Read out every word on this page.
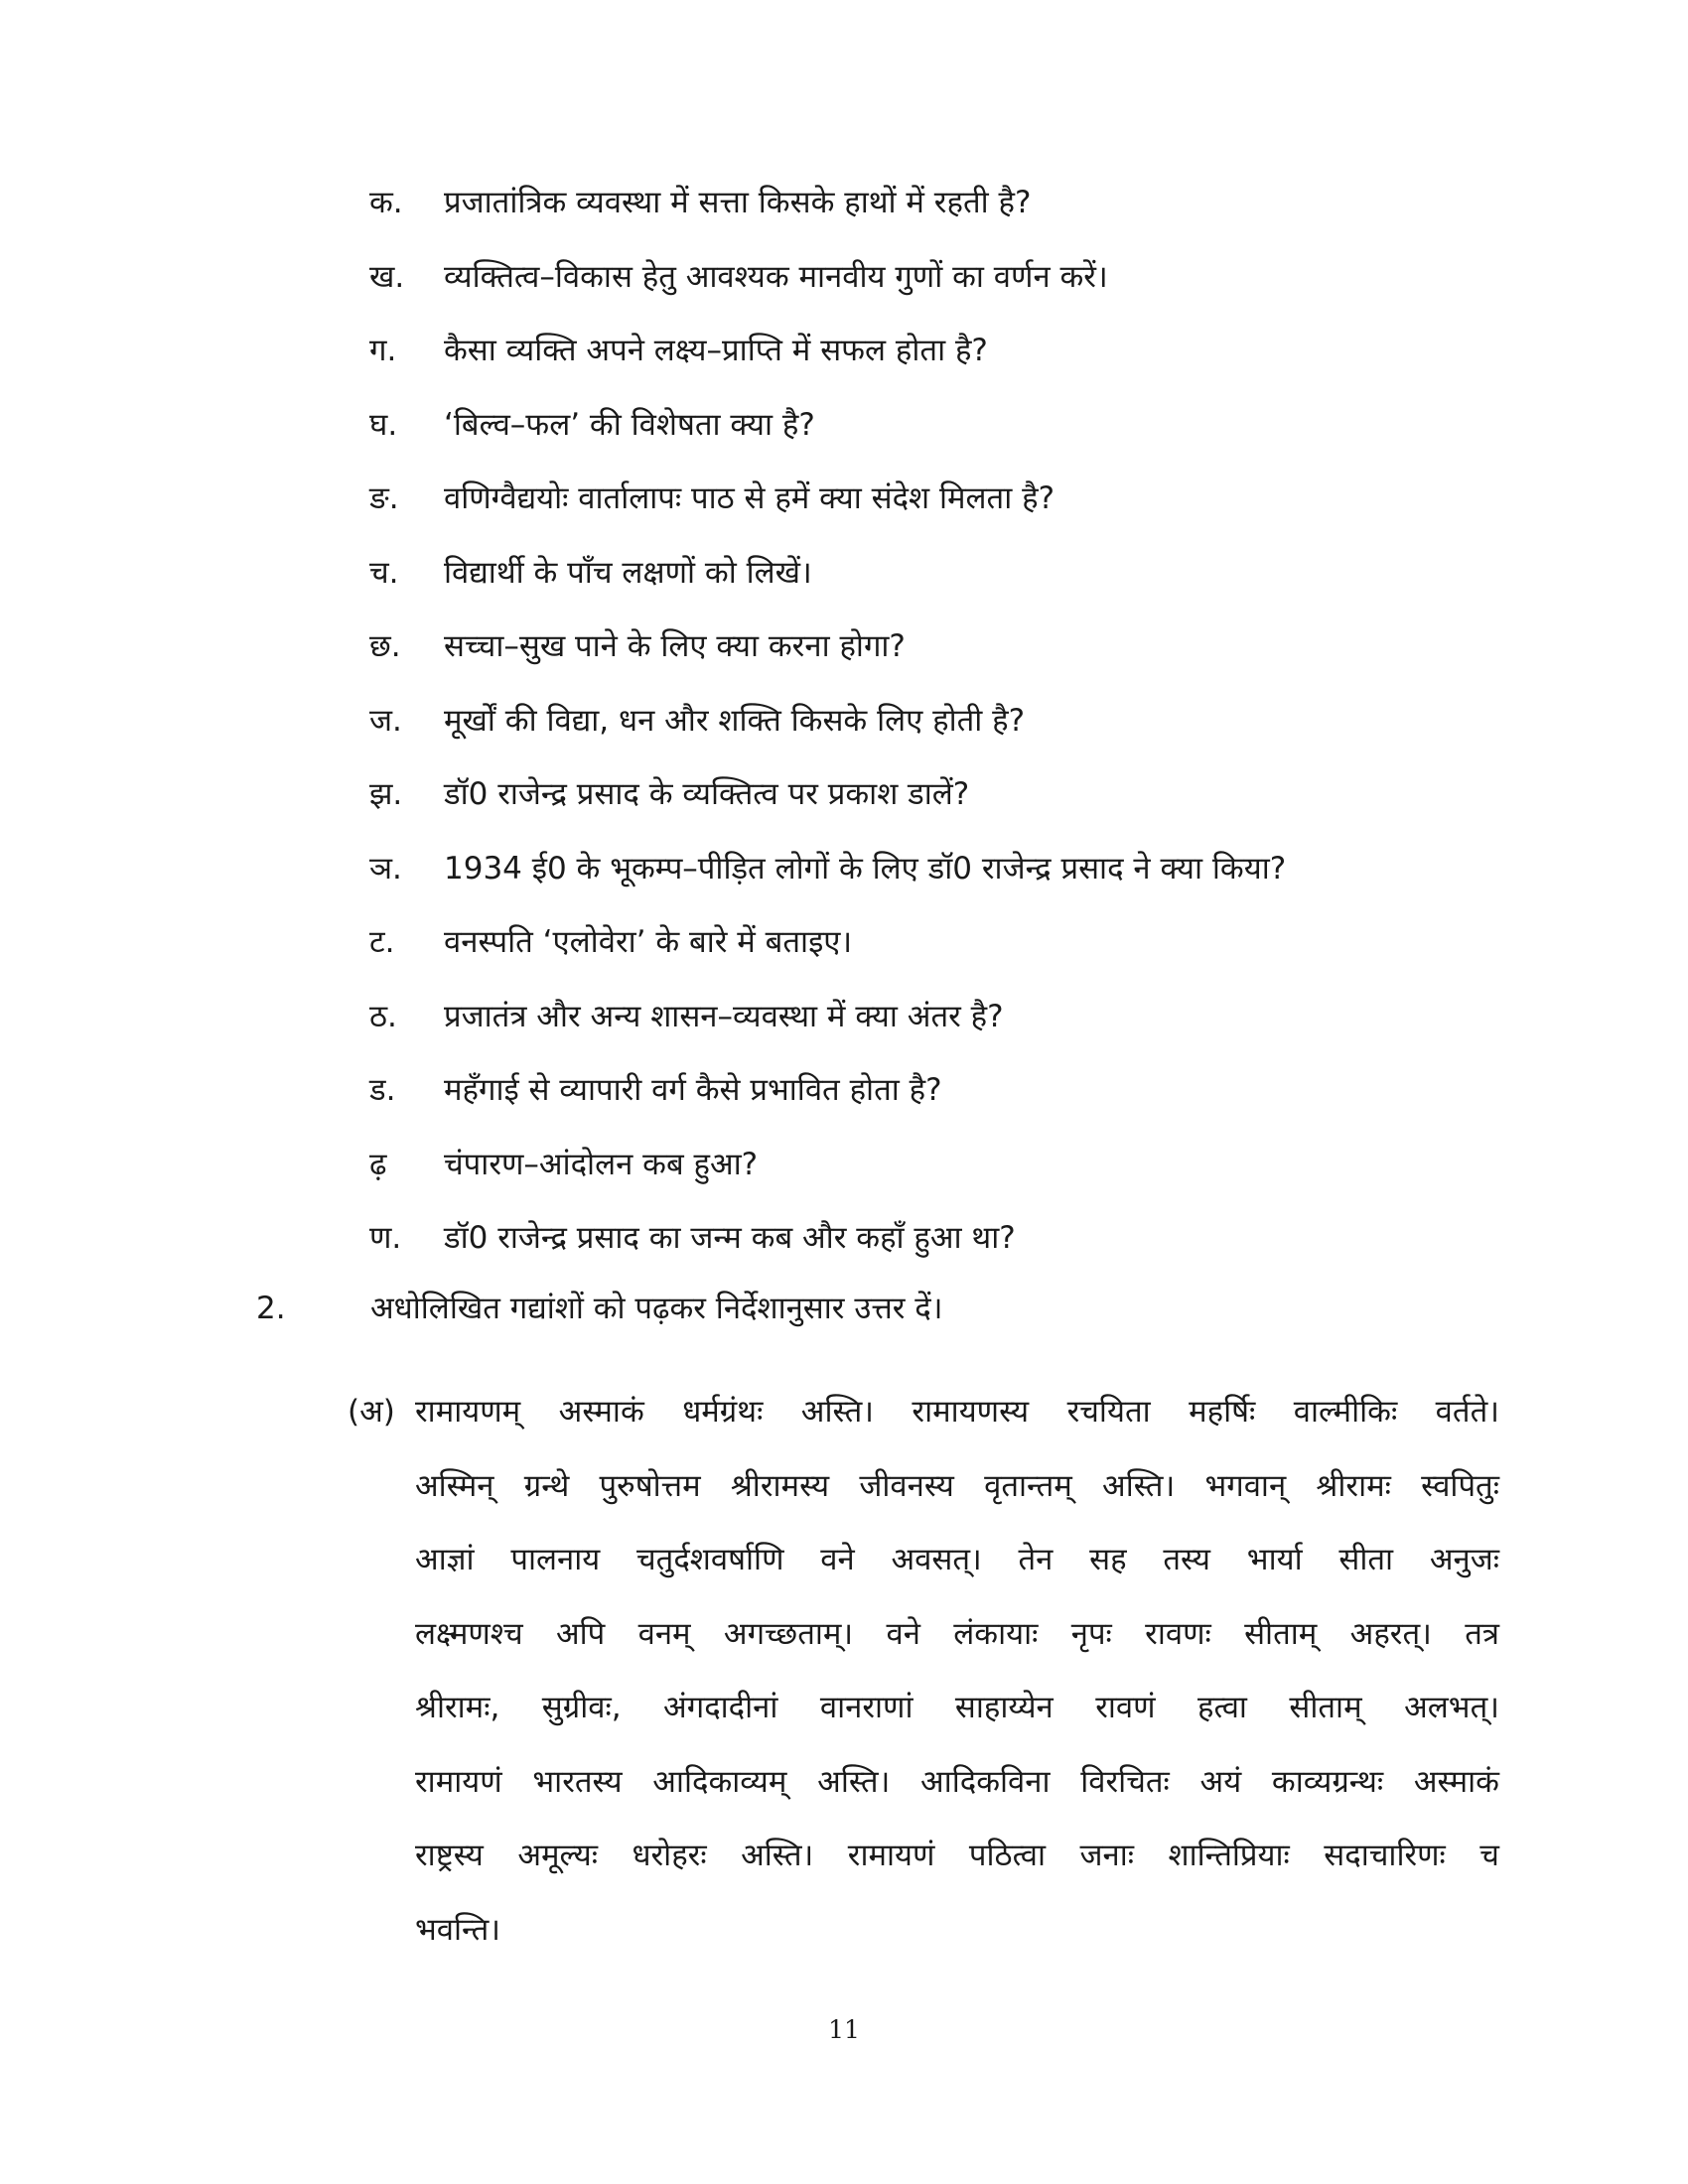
क.	प्रजातांत्रिक व्यवस्था में सत्ता किसके हाथों में रहती है?
ख.	व्यक्तित्व–विकास हेतु आवश्यक मानवीय गुणों का वर्णन करें।
ग.	कैसा व्यक्ति अपने लक्ष्य–प्राप्ति में सफल होता है?
घ.	‘बिल्व–फल’ की विशेषता क्या है?
ङ.	वणिग्वैद्ययोः वार्तालापः पाठ से हमें क्या संदेश मिलता है?
च.	विद्यार्थी के पाँच लक्षणों को लिखें।
छ.	सच्चा–सुख पाने के लिए क्या करना होगा?
ज.	मूर्खों की विद्या, धन और शक्ति किसके लिए होती है?
झ.	डॉ0 राजेन्द्र प्रसाद के व्यक्तित्व पर प्रकाश डालें?
ञ.	1934 ई0 के भूकम्प–पीड़ित लोगों के लिए डॉ0 राजेन्द्र प्रसाद ने क्या किया?
ट.	वनस्पति ‘एलोवेरा’ के बारे में बताइए।
ठ.	प्रजातंत्र और अन्य शासन–व्यवस्था में क्या अंतर है?
ड.	महँगाई से व्यापारी वर्ग कैसे प्रभावित होता है?
ढ़	चंपारण–आंदोलन कब हुआ?
ण.	डॉ0 राजेन्द्र प्रसाद का जन्म कब और कहाँ हुआ था?
2.	अधोलिखित गद्यांशों को पढ़कर निर्देशानुसार उत्तर दें।
(अ) रामायणम् अस्माकं धर्मग्रंथः अस्ति। रामायणस्य रचयिता महर्षिः वाल्मीकिः वर्तते।
अस्मिन् ग्रन्थे पुरुषोत्तम श्रीरामस्य जीवनस्य वृतान्तम् अस्ति। भगवान् श्रीरामः स्वपितुः
आज्ञां पालनाय चतुर्दशवर्षाणि वने अवसत्। तेन सह तस्य भार्या सीता अनुजः
लक्ष्मणश्च अपि वनम् अगच्छताम्। वने लंकायाः नृपः रावणः सीताम् अहरत्। तत्र
श्रीरामः, सुग्रीवः, अंगदादीनां वानराणां साहाय्येन रावणं हत्वा सीताम् अलभत्।
रामायणं भारतस्य आदिकाव्यम् अस्ति। आदिकविना विरचितः अयं काव्यग्रन्थः अस्माकं
राष्ट्रस्य अमूल्यः धरोहरः अस्ति। रामायणं पठित्वा जनाः शान्तिप्रियाः सदाचारिणः च
भवन्ति।
11
